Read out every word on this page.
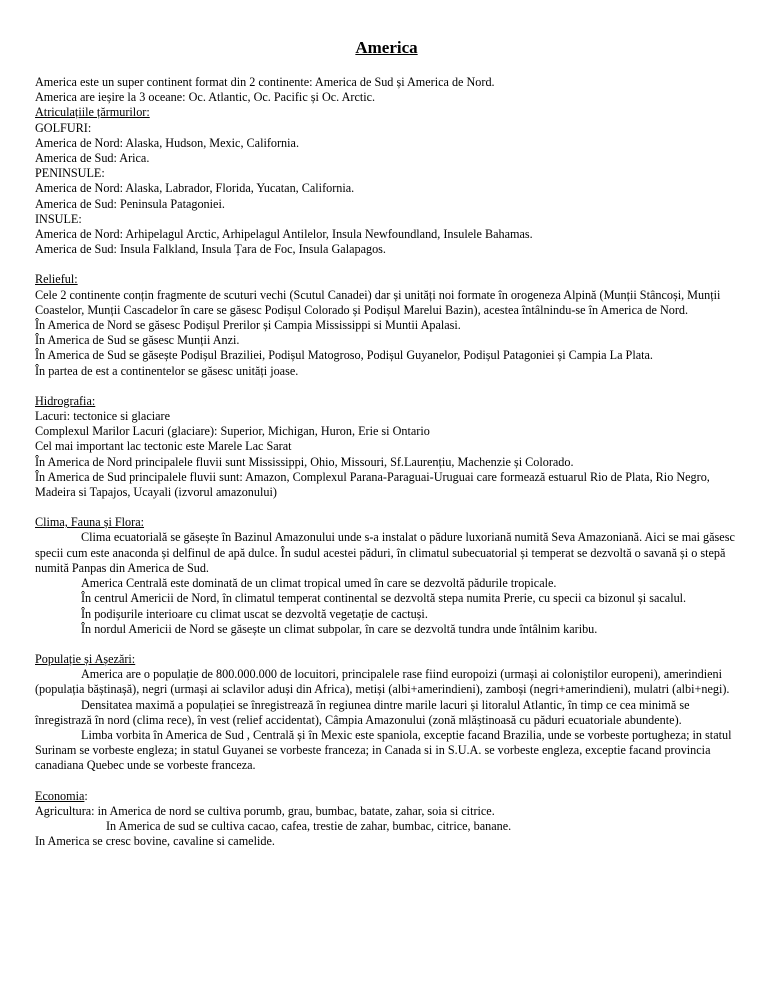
America

America este un super continent format din 2 continente: America de Sud și America de Nord.

America are ieșire la 3 oceane: Oc. Atlantic, Oc. Pacific și Oc. Arctic.

Atriculațiile țărmurilor:

GOLFURI:

America de Nord: Alaska, Hudson, Mexic, California.

America de Sud: Arica.

PENINSULE:

America de Nord: Alaska, Labrador, Florida, Yucatan, California.

America de Sud: Peninsula Patagoniei.

INSULE:

America de Nord: Arhipelagul Arctic, Arhipelagul Antilelor, Insula Newfoundland, Insulele Bahamas.

America de Sud: Insula Falkland, Insula Țara de Foc, Insula Galapagos.

Relieful:

Cele 2 continente conțin fragmente de scuturi vechi (Scutul Canadei) dar și unități noi formate în orogeneza Alpină (Munții Stâncoși, Munții Coastelor, Munții Cascadelor în care se găsesc Podișul Colorado și Podișul Marelui Bazin), acestea întâlnindu-se în America de Nord.

În America de Nord se găsesc Podișul Prerilor și Campia Mississippi si Muntii Apalasi.

În America de Sud se găsesc Munții Anzi.

În America de Sud se găsește Podișul Braziliei, Podișul Matogroso, Podișul Guyanelor, Podișul Patagoniei și Campia La Plata.

În partea de est a continentelor se găsesc unități joase.

Hidrografia:

Lacuri: tectonice si glaciare

Complexul Marilor Lacuri (glaciare): Superior, Michigan, Huron, Erie si Ontario

Cel mai important lac tectonic este Marele Lac Sarat

În America de Nord principalele fluvii sunt Mississippi, Ohio, Missouri, Sf.Laurențiu, Machenzie și Colorado.

În America de Sud principalele fluvii sunt: Amazon, Complexul Parana-Paraguai-Uruguai care formează estuarul Rio de Plata, Rio Negro, Madeira si Tapajos, Ucayali (izvorul amazonului)

Clima, Fauna și Flora:

Clima ecuatorială se găsește în Bazinul Amazonului unde s-a instalat o pădure luxoriană numită Seva Amazoniană. Aici se mai găsesc specii cum este anaconda și delfinul de apă dulce. În sudul acestei păduri, în climatul subecuatorial și temperat se dezvoltă o savană și o stepă numită Panpas din America de Sud.

America Centrală este dominată de un climat tropical umed în care se dezvoltă pădurile tropicale.

În centrul Americii de Nord, în climatul temperat continental se dezvoltă stepa numita Prerie, cu specii ca bizonul și sacalul.

În podișurile interioare cu climat uscat se dezvoltă vegetație de cactuși.

În nordul Americii de Nord se găsește un climat subpolar, în care se dezvoltă tundra unde întâlnim karibu.

Populație și Așezări:

America are o populație de 800.000.000 de locuitori, principalele rase fiind europoizi (urmași ai coloniștilor europeni), amerindieni (populația băștinașă), negri (urmași ai sclavilor aduși din Africa), metiși (albi+amerindieni), zamboși (negri+amerindieni), mulatri (albi+negi).

Densitatea maximă a populației se înregistrează în regiunea dintre marile lacuri și litoralul Atlantic, în timp ce cea minimă se înregistrază în nord (clima rece), în vest (relief accidentat), Câmpia Amazonului (zonă mlăștinoasă cu păduri ecuatoriale abundente).

Limba vorbita în America de Sud , Centrală și în Mexic este spaniola, exceptie facand Brazilia, unde se vorbeste portugheza; in statul Surinam se vorbeste engleza; in statul Guyanei se vorbeste franceza; in Canada si in S.U.A. se vorbeste engleza, exceptie facand provincia canadiana Quebec unde se vorbeste franceza.

Economia:

Agricultura: in America de nord se cultiva porumb, grau, bumbac, batate, zahar, soia si citrice.

In America de sud se cultiva cacao, cafea, trestie de zahar, bumbac, citrice, banane.

In America se cresc bovine, cavaline si camelide.
